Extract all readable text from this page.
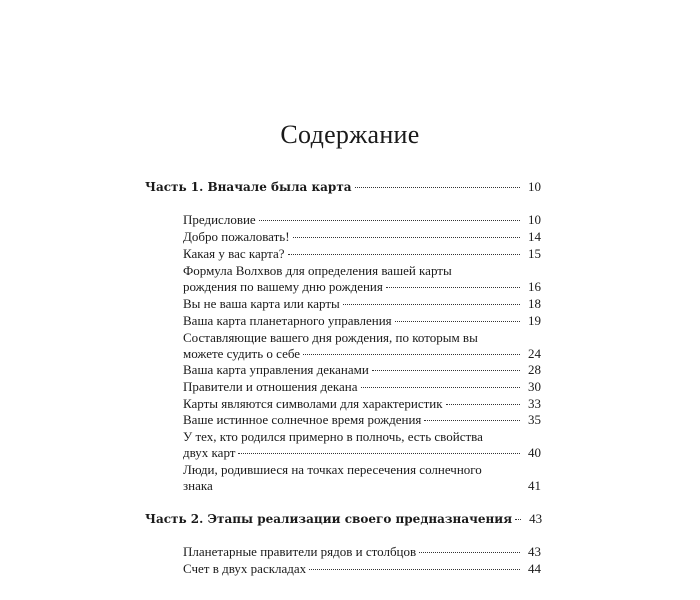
Содержание
Часть 1. Вначале была карта	10
Предисловие	10
Добро пожаловать!	14
Какая у вас карта?	15
Формула Волхвов для определения вашей карты
рождения по вашему дню рождения	16
Вы не ваша карта или карты	18
Ваша карта планетарного управления	19
Составляющие вашего дня рождения, по которым вы
можете судить о себе	24
Ваша карта управления деканами	28
Правители и отношения декана	30
Карты являются символами для характеристик	33
Ваше истинное солнечное время рождения	35
У тех, кто родился примерно в полночь, есть свойства
двух карт	40
Люди, родившиеся на точках пересечения солнечного
знака	41
Часть 2. Этапы реализации своего предназначения	43
Планетарные правители рядов и столбцов	43
Счет в двух раскладах	44
